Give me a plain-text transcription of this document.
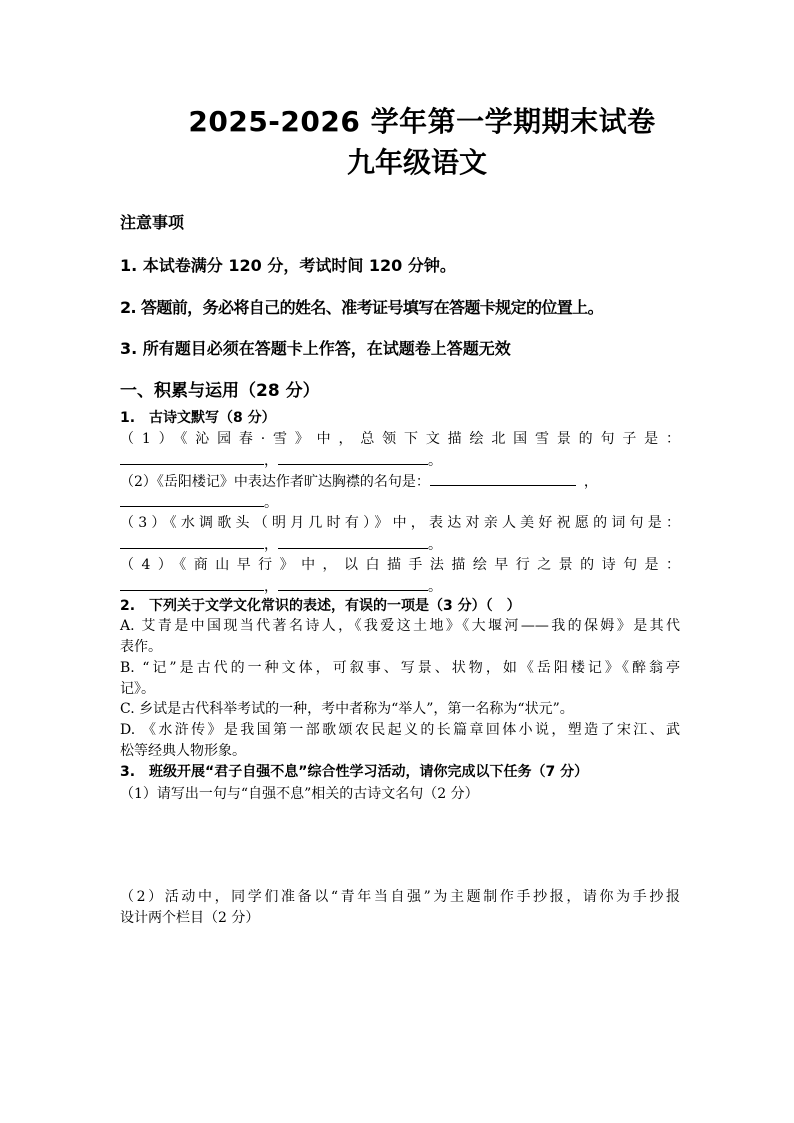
2025-2026 学年第一学期期末试卷
九年级语文
注意事项
1. 本试卷满分 120 分，考试时间 120 分钟。
2. 答题前，务必将自己的姓名、准考证号填写在答题卡规定的位置上。
3. 所有题目必须在答题卡上作答，在试题卷上答题无效
一、积累与运用（28 分）
1.　古诗文默写（8 分）
（1）《沁园春·雪》中，总领下文描绘北国雪景的句子是：
，	。
（2）《岳阳楼记》中表达作者旷达胸襟的名句是：	，
。
（3）《水调歌头（明月几时有）》中，表达对亲人美好祝愿的词句是：
，	。
（4）《商山早行》中，以白描手法描绘早行之景的诗句是：
，	。
2.　下列关于文学文化常识的表述，有误的一项是（3 分）（　）
A. 艾青是中国现当代著名诗人，《我爱这土地》《大堰河——我的保姆》是其代
表作。
B. “记”是古代的一种文体，可叙事、写景、状物，如《岳阳楼记》《醉翁亭
记》。
C. 乡试是古代科举考试的一种，考中者称为“举人”，第一名称为“状元”。
D. 《水浒传》是我国第一部歌颂农民起义的长篇章回体小说，塑造了宋江、武
松等经典人物形象。
3.　班级开展“君子自强不息”综合性学习活动，请你完成以下任务（7 分）
（1）请写出一句与“自强不息”相关的古诗文名句（2 分）
（2）活动中，同学们准备以“青年当自强”为主题制作手抄报，请你为手抄报
设计两个栏目（2 分）
